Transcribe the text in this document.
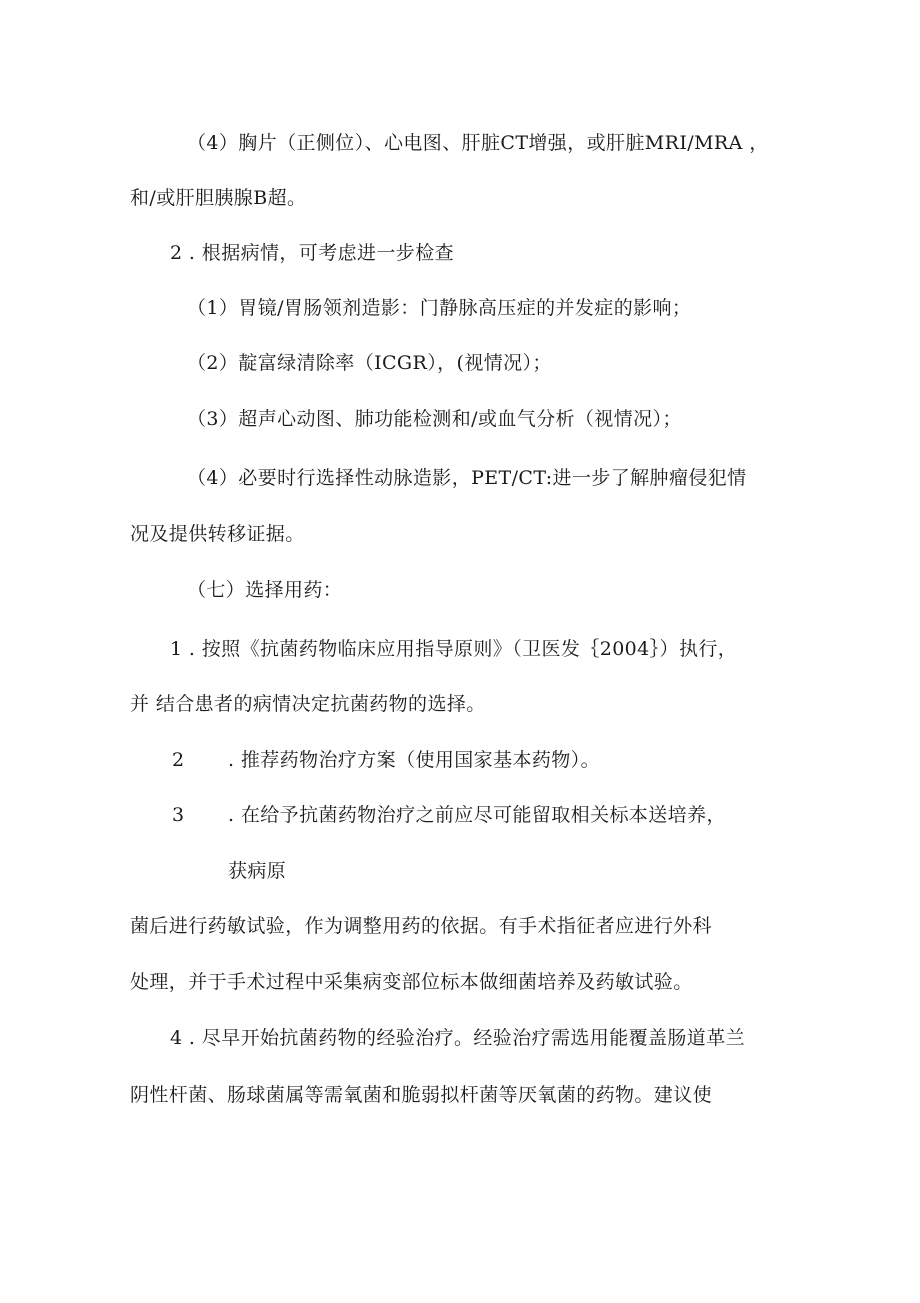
（4）胸片（正侧位）、心电图、肝脏CT增强，或肝脏MRI/MRA ，

和/或肝胆胰腺B超。

2 . 根据病情，可考虑进一步检查

（1）胃镜/胃肠领剂造影：门静脉高压症的并发症的影响；

（2）靛富绿清除率（ICGR），(视情况）；

（3）超声心动图、肺功能检测和/或血气分析（视情况）；

（4）必要时行选择性动脉造影，PET/CT:进一步了解肿瘤侵犯情

况及提供转移证据。

（七）选择用药：

1 . 按照《抗菌药物临床应用指导原则》（卫医发｛2004｝）执行，

并 结合患者的病情决定抗菌药物的选择。

2 . 推荐药物治疗方案（使用国家基本药物）。

3 . 在给予抗菌药物治疗之前应尽可能留取相关标本送培养，

获病原

菌后进行药敏试验，作为调整用药的依据。有手术指征者应进行外科

处理，并于手术过程中采集病变部位标本做细菌培养及药敏试验。

4 . 尽早开始抗菌药物的经验治疗。经验治疗需选用能覆盖肠道革兰

阴性杆菌、肠球菌属等需氧菌和脆弱拟杆菌等厌氧菌的药物。建议使
